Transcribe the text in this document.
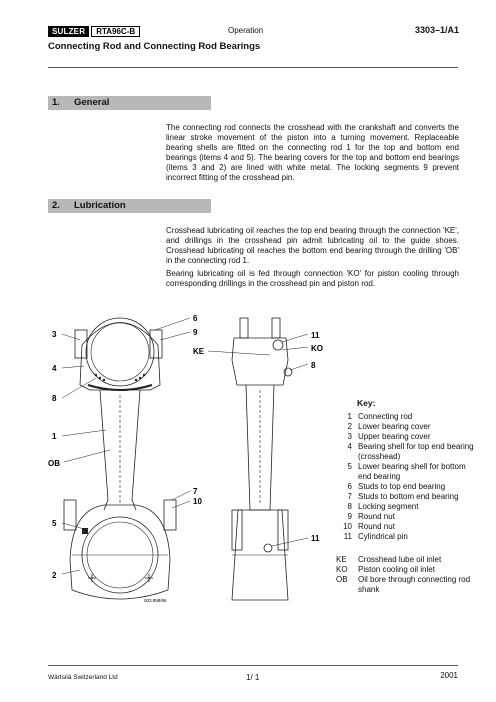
SULZER	RTA96C-B	Operation	3303–1/A1
Connecting Rod and Connecting Rod Bearings
1. General
The connecting rod connects the crosshead with the crankshaft and converts the linear stroke movement of the piston into a turning movement. Replaceable bearing shells are fitted on the connecting rod 1 for the top and bottom end bearings (items 4 and 5). The bearing covers for the top and bottom end bearings (items 3 and 2) are lined with white metal. The locking segments 9 prevent incorrect fitting of the crosshead pin.
2. Lubrication
Crosshead lubricating oil reaches the top end bearing through the connection 'KE', and drillings in the crosshead pin admit lubricating oil to the guide shoes. Crosshead lubricating oil reaches the bottom end bearing through the drilling 'OB' in the connecting rod 1.
Bearing lubricating oil is fed through connection 'KO' for piston cooling through corresponding drillings in the crosshead pin and piston rod.
3
4
8
1
OB
5
2
6
9
KE
7
10
11
KO
8
11
003.898/96
Key:
1 Connecting rod
2 Lower bearing cover
3 Upper bearing cover
4 Bearing shell for top end bearing (crosshead)
5 Lower bearing shell for bottom end bearing
6 Studs to top end bearing
7 Studs to bottom end bearing
8 Locking segment
9 Round nut
10 Round nut
11 Cylindrical pin
KE	Crosshead lube oil inlet
KO	Piston cooling oil inlet
OB	Oil bore through connecting rod shank
Wärtsilä Switzerland Ltd	1/ 1	2001
